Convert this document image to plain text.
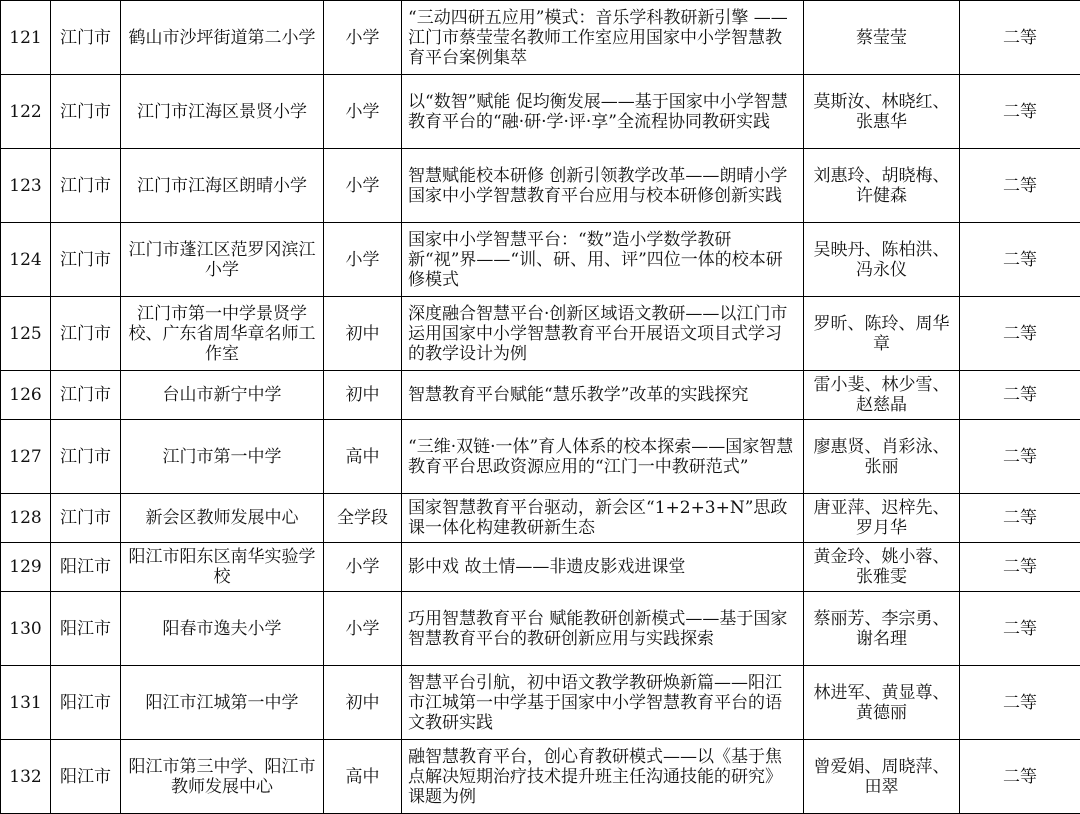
121	江门市	鹤山市沙坪街道第二小学	小学	“三动四研五应用”模式：音乐学科教研新引擎 ——江门市蔡莹莹名教师工作室应用国家中小学智慧教育平台案例集萃	蔡莹莹	二等
122	江门市	江门市江海区景贤小学	小学	以“数智”赋能 促均衡发展——基于国家中小学智慧教育平台的“融·研·学·评·享”全流程协同教研实践	莫斯汝、林晓红、张惠华	二等
123	江门市	江门市江海区朗晴小学	小学	智慧赋能校本研修 创新引领教学改革——朗晴小学国家中小学智慧教育平台应用与校本研修创新实践	刘惠玲、胡晓梅、许健森	二等
124	江门市	江门市蓬江区范罗冈滨江小学	小学	国家中小学智慧平台：“数”造小学数学教研新“视”界——“训、研、用、评”四位一体的校本研修模式	吴映丹、陈柏洪、冯永仪	二等
125	江门市	江门市第一中学景贤学校、广东省周华章名师工作室	初中	深度融合智慧平台·创新区域语文教研——以江门市运用国家中小学智慧教育平台开展语文项目式学习的教学设计为例	罗昕、陈玲、周华章	二等
126	江门市	台山市新宁中学	初中	智慧教育平台赋能“慧乐教学”改革的实践探究	雷小斐、林少雪、赵慈晶	二等
127	江门市	江门市第一中学	高中	“三维·双链·一体”育人体系的校本探索——国家智慧教育平台思政资源应用的“江门一中教研范式”	廖惠贤、肖彩泳、张丽	二等
128	江门市	新会区教师发展中心	全学段	国家智慧教育平台驱动，新会区“1+2+3+N”思政课一体化构建教研新生态	唐亚萍、迟梓先、罗月华	二等
129	阳江市	阳江市阳东区南华实验学校	小学	影中戏 故土情——非遗皮影戏进课堂	黄金玲、姚小蓉、张雅雯	二等
130	阳江市	阳春市逸夫小学	小学	巧用智慧教育平台 赋能教研创新模式——基于国家智慧教育平台的教研创新应用与实践探索	蔡丽芳、李宗勇、谢名理	二等
131	阳江市	阳江市江城第一中学	初中	智慧平台引航，初中语文教学教研焕新篇——阳江市江城第一中学基于国家中小学智慧教育平台的语文教研实践	林进军、黄显尊、黄德丽	二等
132	阳江市	阳江市第三中学、阳江市教师发展中心	高中	融智慧教育平台，创心育教研模式——以《基于焦点解决短期治疗技术提升班主任沟通技能的研究》课题为例	曾爱娟、周晓萍、田翠	二等
